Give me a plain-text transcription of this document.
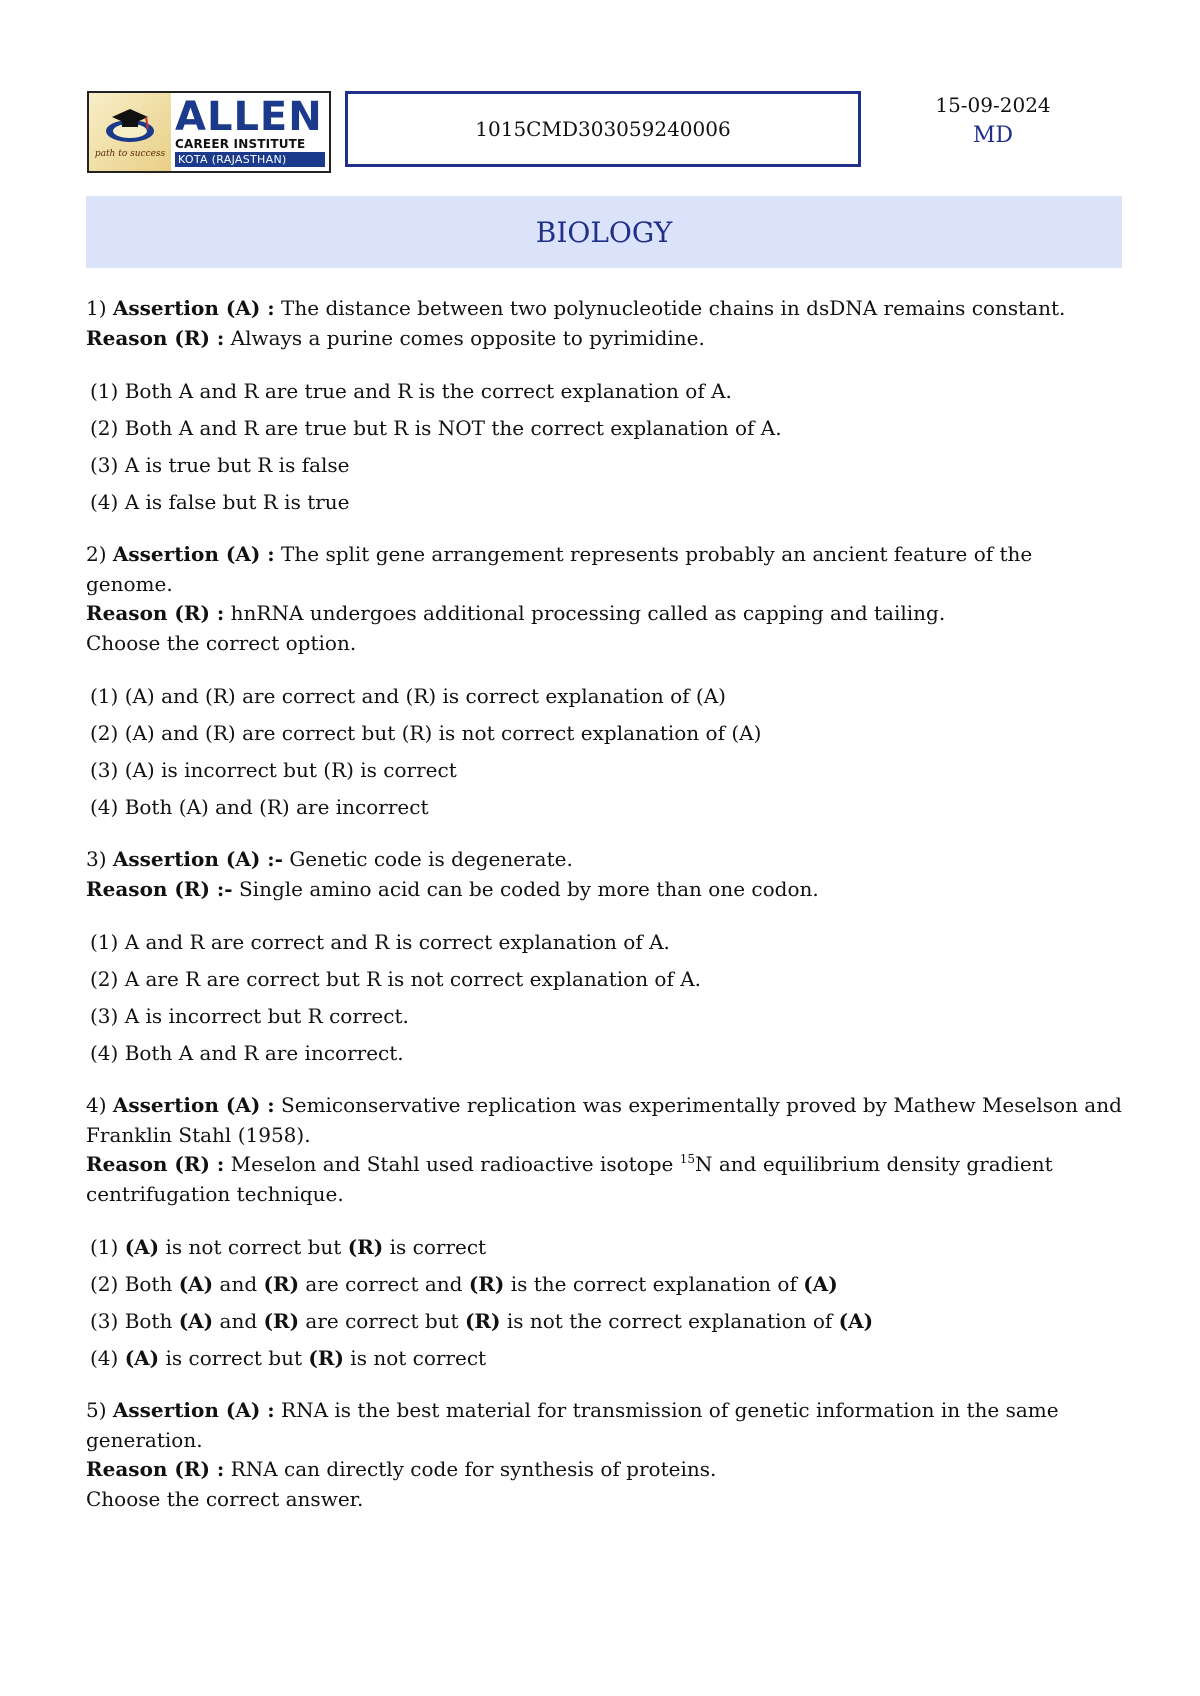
path to success
ALLEN
CAREER INSTITUTE
KOTA (RAJASTHAN)
1015CMD303059240006
15-09-2024
MD
BIOLOGY
1) Assertion (A) : The distance between two polynucleotide chains in dsDNA remains constant.
Reason (R) : Always a purine comes opposite to pyrimidine.
(1) Both A and R are true and R is the correct explanation of A.
(2) Both A and R are true but R is NOT the correct explanation of A.
(3) A is true but R is false
(4) A is false but R is true
2) Assertion (A) : The split gene arrangement represents probably an ancient feature of the genome.
Reason (R) : hnRNA undergoes additional processing called as capping and tailing.
Choose the correct option.
(1) (A) and (R) are correct and (R) is correct explanation of (A)
(2) (A) and (R) are correct but (R) is not correct explanation of (A)
(3) (A) is incorrect but (R) is correct
(4) Both (A) and (R) are incorrect
3) Assertion (A) :- Genetic code is degenerate.
Reason (R) :- Single amino acid can be coded by more than one codon.
(1) A and R are correct and R is correct explanation of A.
(2) A are R are correct but R is not correct explanation of A.
(3) A is incorrect but R correct.
(4) Both A and R are incorrect.
4) Assertion (A) : Semiconservative replication was experimentally proved by Mathew Meselson and Franklin Stahl (1958).
Reason (R) : Meselon and Stahl used radioactive isotope $^{15}$N and equilibrium density gradient centrifugation technique.
(1) (A) is not correct but (R) is correct
(2) Both (A) and (R) are correct and (R) is the correct explanation of (A)
(3) Both (A) and (R) are correct but (R) is not the correct explanation of (A)
(4) (A) is correct but (R) is not correct
5) Assertion (A) : RNA is the best material for transmission of genetic information in the same generation.
Reason (R) : RNA can directly code for synthesis of proteins.
Choose the correct answer.
